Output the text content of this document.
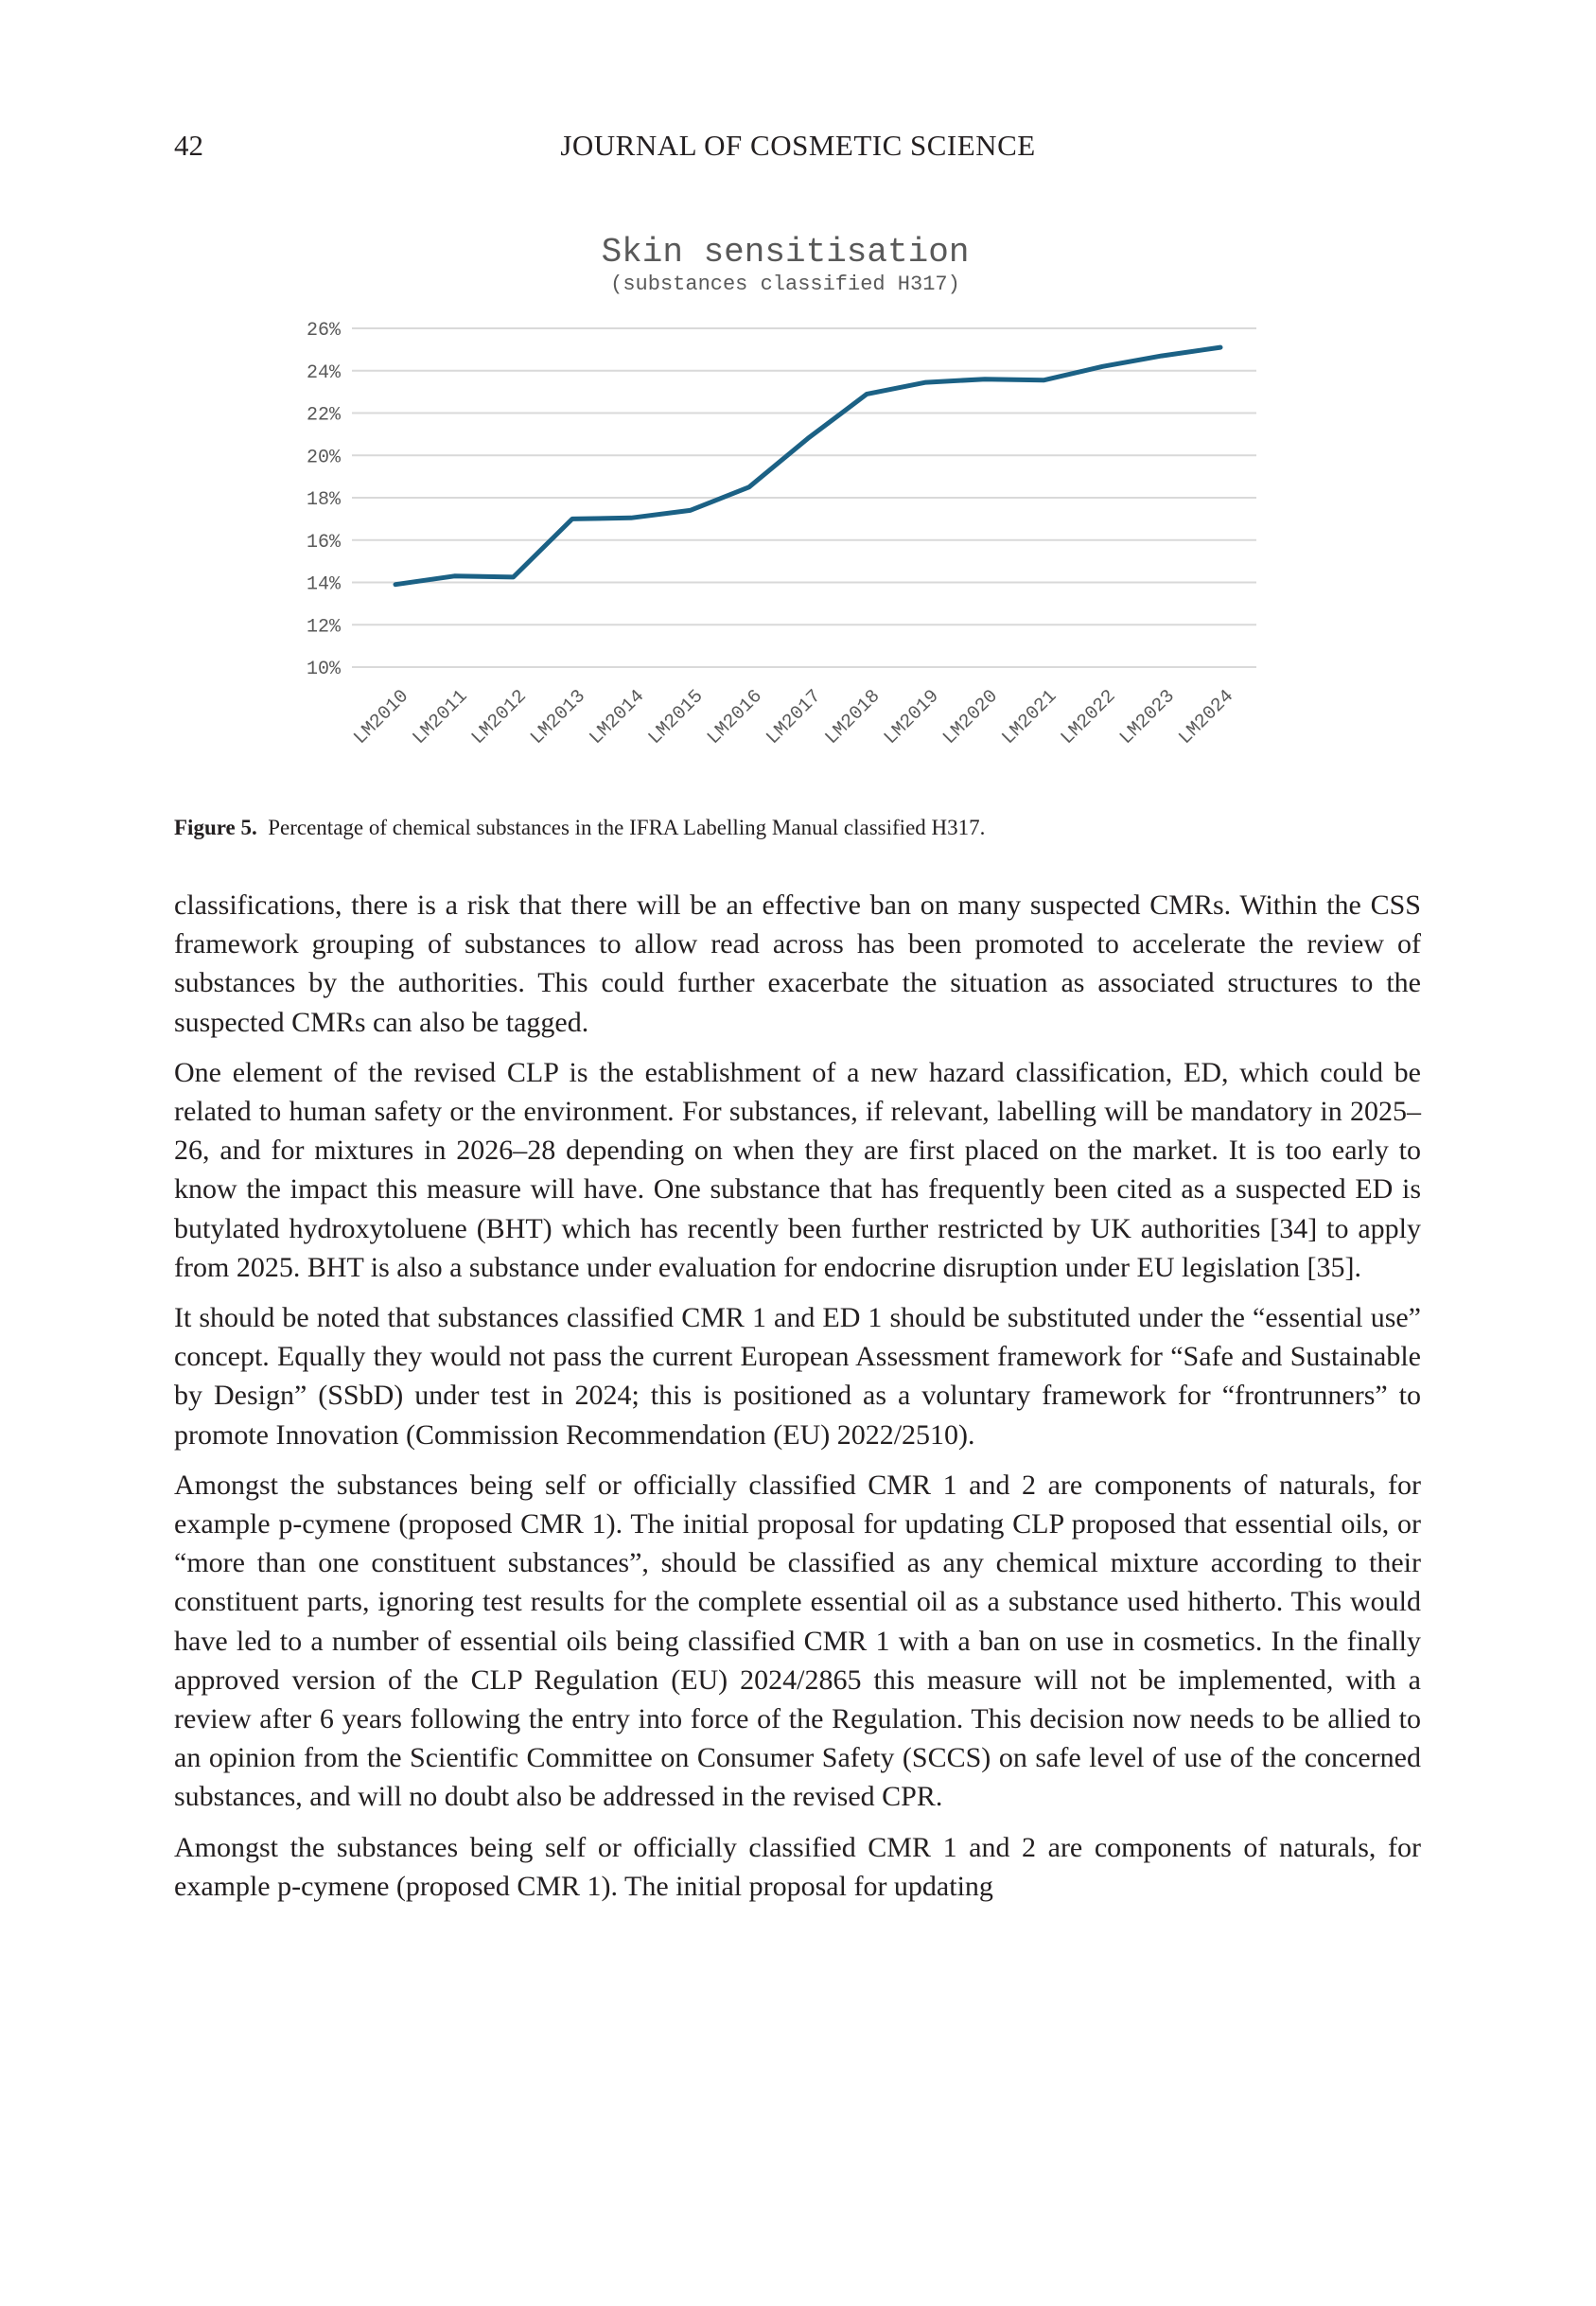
42	JOURNAL OF COSMETIC SCIENCE
Skin sensitisation
(substances classified H317)
10%
12%
14%
16%
18%
20%
22%
24%
26%
LM2010
LM2011
LM2012
LM2013
LM2014
LM2015
LM2016
LM2017
LM2018
LM2019
LM2020
LM2021
LM2022
LM2023
LM2024
Figure 5. Percentage of chemical substances in the IFRA Labelling Manual classified H317.

classifications, there is a risk that there will be an effective ban on many suspected CMRs. Within the CSS framework grouping of substances to allow read across has been promoted to accelerate the review of substances by the authorities. This could further exacerbate the situation as associated structures to the suspected CMRs can also be tagged.

One element of the revised CLP is the establishment of a new hazard classification, ED, which could be related to human safety or the environment. For substances, if relevant, labelling will be mandatory in 2025–26, and for mixtures in 2026–28 depending on when they are first placed on the market. It is too early to know the impact this measure will have. One substance that has frequently been cited as a suspected ED is butylated hydroxytoluene (BHT) which has recently been further restricted by UK authorities [34] to apply from 2025. BHT is also a substance under evaluation for endocrine disruption under EU legislation [35].

It should be noted that substances classified CMR 1 and ED 1 should be substituted under the “essential use” concept. Equally they would not pass the current European Assessment framework for “Safe and Sustainable by Design” (SSbD) under test in 2024; this is positioned as a voluntary framework for “frontrunners” to promote Innovation (Commission Recommendation (EU) 2022/2510).

Amongst the substances being self or officially classified CMR 1 and 2 are components of naturals, for example p-cymene (proposed CMR 1). The initial proposal for updating CLP proposed that essential oils, or “more than one constituent substances”, should be classified as any chemical mixture according to their constituent parts, ignoring test results for the complete essential oil as a substance used hitherto. This would have led to a number of essential oils being classified CMR 1 with a ban on use in cosmetics. In the finally approved version of the CLP Regulation (EU) 2024/2865 this measure will not be implemented, with a review after 6 years following the entry into force of the Regulation. This decision now needs to be allied to an opinion from the Scientific Committee on Consumer Safety (SCCS) on safe level of use of the concerned substances, and will no doubt also be addressed in the revised CPR.

Amongst the substances being self or officially classified CMR 1 and 2 are components of naturals, for example p-cymene (proposed CMR 1). The initial proposal for updating
